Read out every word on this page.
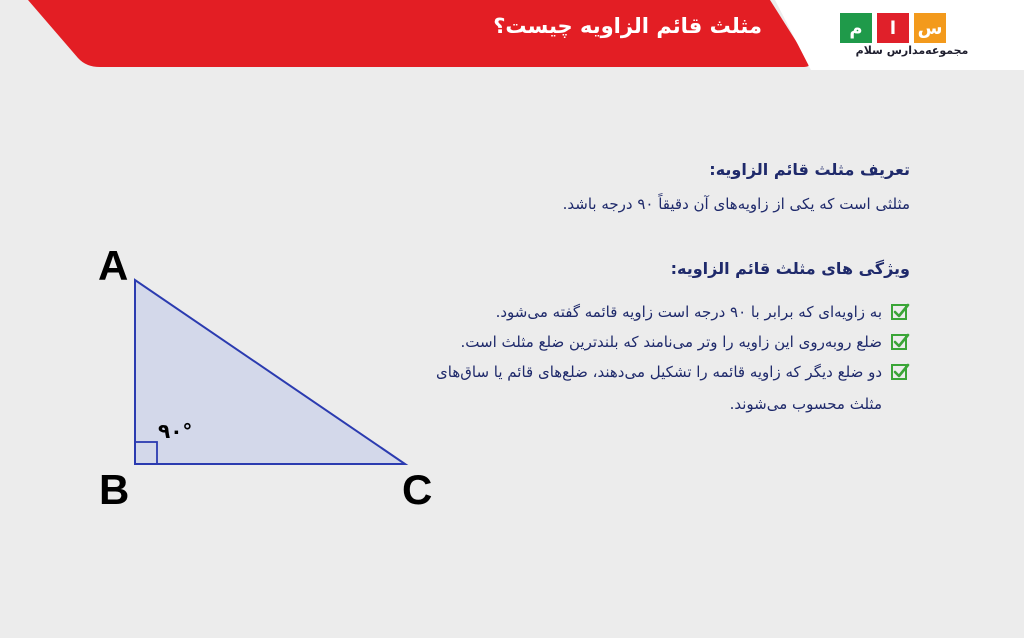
مثلث قائم الزاویه چیست؟	م	ا	س
مجموعه‌مدارس سلام
تعریف مثلث قائم الزاویه:
مثلثی است که یکی از زاویه‌های آن دقیقاً ۹۰ درجه باشد.
ویژگی های مثلث قائم الزاویه:
به زاویه‌ای که برابر با ۹۰ درجه است زاویه قائمه گفته می‌شود.
ضلع روبه‌روی این زاویه را وتر می‌نامند که بلندترین ضلع مثلث است.
دو ضلع دیگر که زاویه قائمه را تشکیل می‌دهند، ضلع‌های قائم یا ساق‌های مثلث محسوب می‌شوند.
۹۰°
A
B	C
